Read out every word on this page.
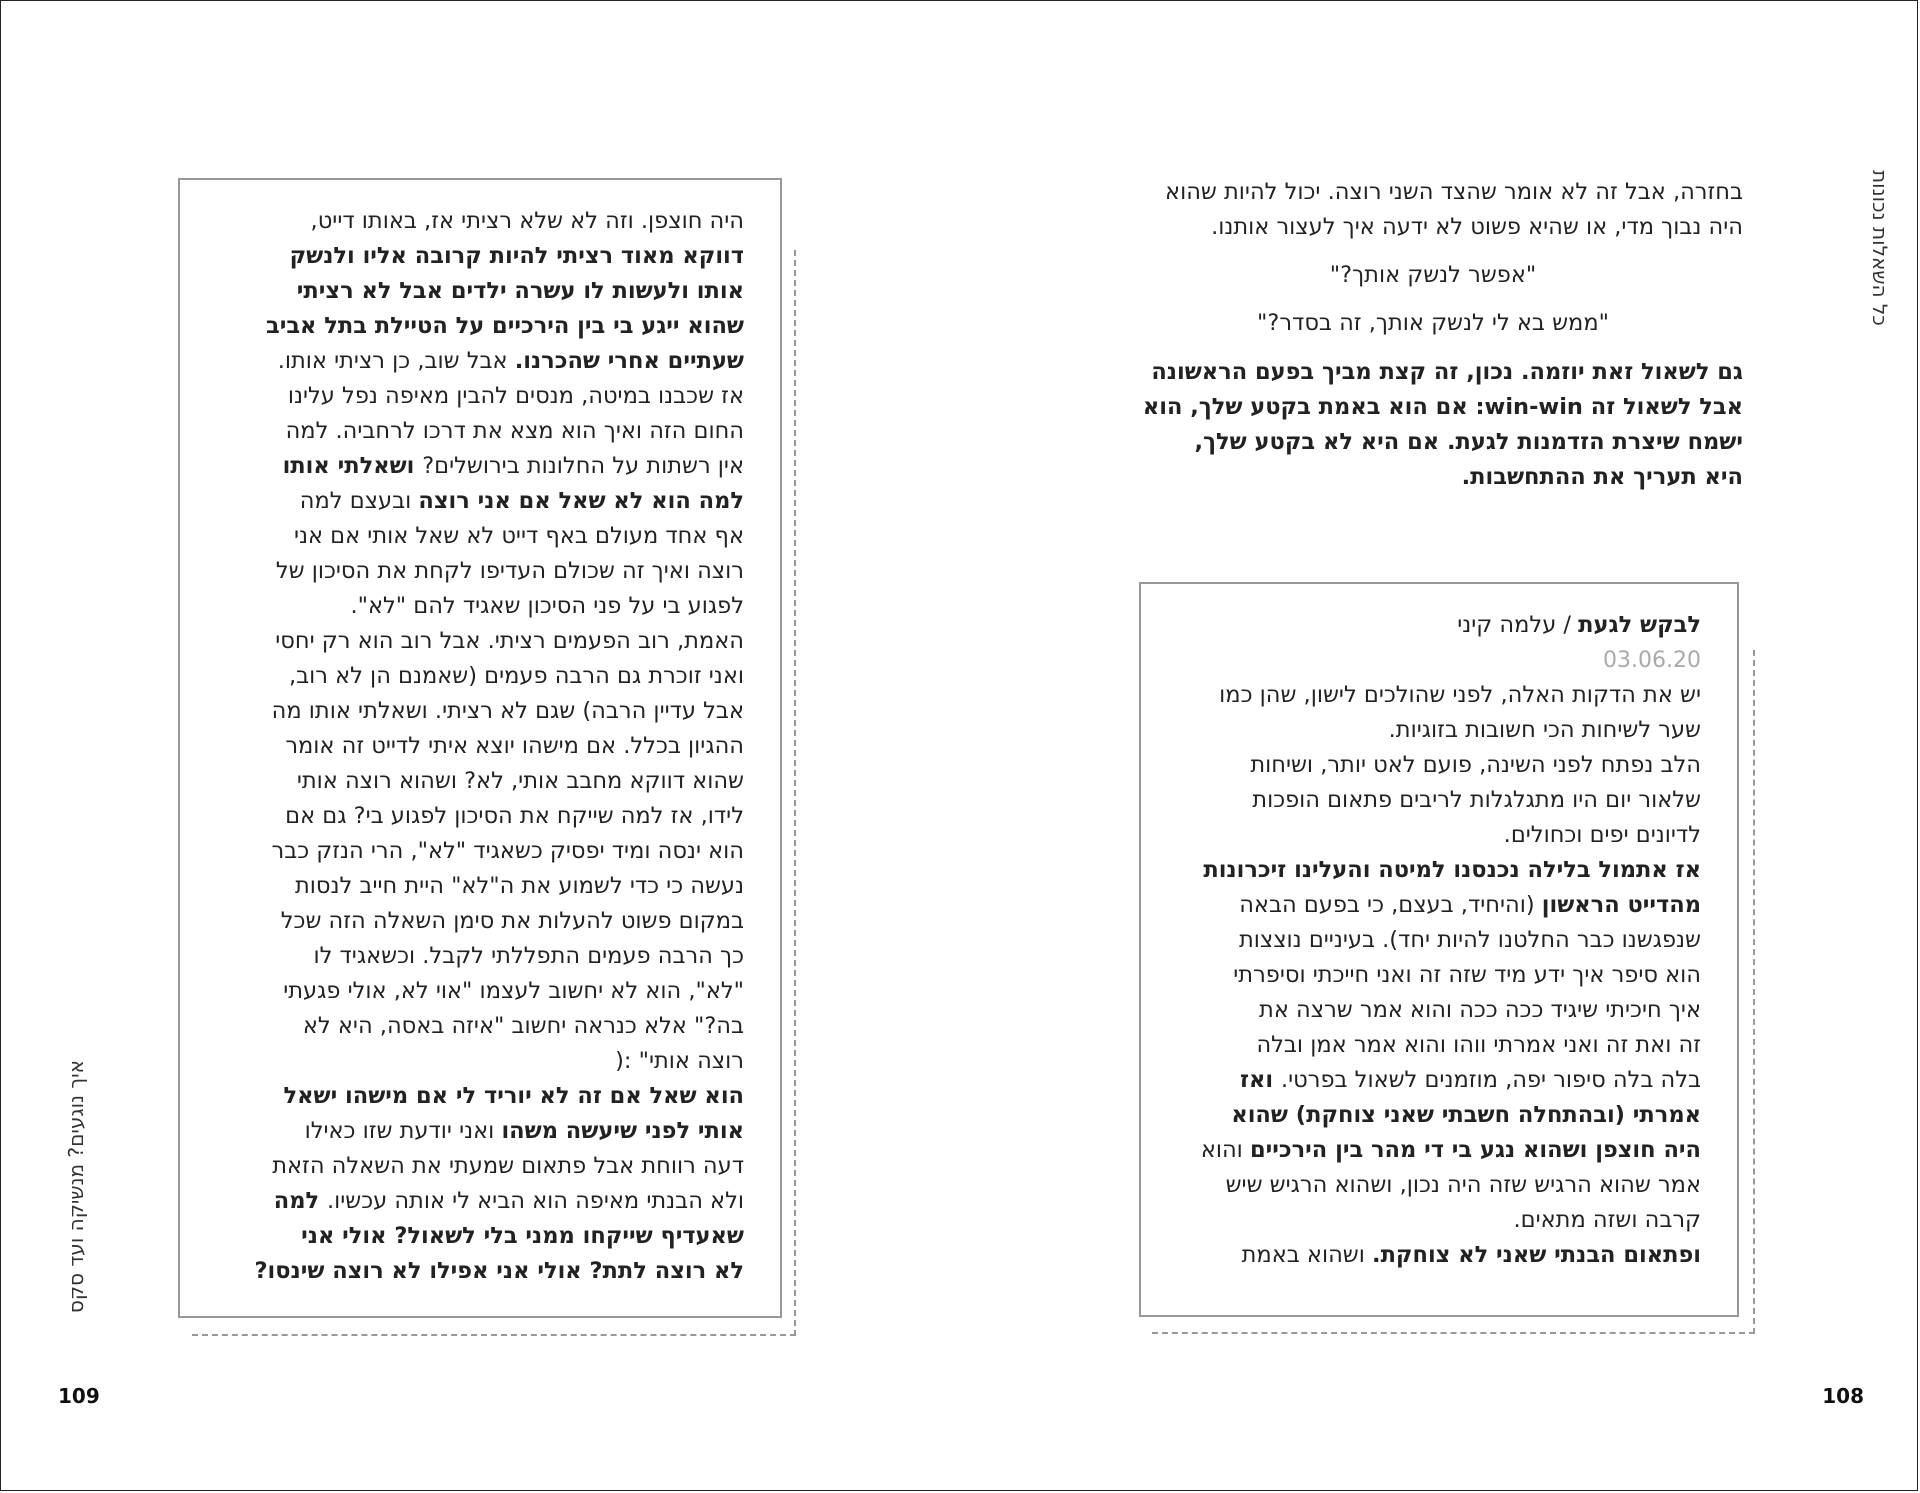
כל השאלות נכונות
איך נוגעים? מנשיקה ועד סקס
109	108

בחזרה, אבל זה לא אומר שהצד השני רוצה. יכול להיות שהוא

היה נבוך מדי, או שהיא פשוט לא ידעה איך לעצור אותנו.

"אפשר לנשק אותך?"

"ממש בא לי לנשק אותך, זה בסדר?"

גם לשאול זאת יוזמה. נכון, זה קצת מביך בפעם הראשונה

אבל לשאול זה win-win: אם הוא באמת בקטע שלך, הוא

ישמח שיצרת הזדמנות לגעת. אם היא לא בקטע שלך,

היא תעריך את ההתחשבות.

לבקש לגעת / עלמה קיני

03.06.20

יש את הדקות האלה, לפני שהולכים לישון, שהן כמו

שער לשיחות הכי חשובות בזוגיות.

הלב נפתח לפני השינה, פועם לאט יותר, ושיחות

שלאור יום היו מתגלגלות לריבים פתאום הופכות

לדיונים יפים וכחולים.

אז אתמול בלילה נכנסנו למיטה והעלינו זיכרונות

מהדייט הראשון (והיחיד, בעצם, כי בפעם הבאה

שנפגשנו כבר החלטנו להיות יחד). בעיניים נוצצות

הוא סיפר איך ידע מיד שזה זה ואני חייכתי וסיפרתי

איך חיכיתי שיגיד ככה ככה והוא אמר שרצה את

זה ואת זה ואני אמרתי ווהו והוא אמר אמן ובלה

בלה בלה סיפור יפה, מוזמנים לשאול בפרטי. ואז

אמרתי (ובהתחלה חשבתי שאני צוחקת) שהוא

היה חוצפן ושהוא נגע בי די מהר בין הירכיים והוא

אמר שהוא הרגיש שזה היה נכון, ושהוא הרגיש שיש

קרבה ושזה מתאים.

ופתאום הבנתי שאני לא צוחקת. ושהוא באמת

היה חוצפן. וזה לא שלא רציתי אז, באותו דייט,

דווקא מאוד רציתי להיות קרובה אליו ולנשק

אותו ולעשות לו עשרה ילדים אבל לא רציתי

שהוא ייגע בי בין הירכיים על הטיילת בתל אביב

שעתיים אחרי שהכרנו. אבל שוב, כן רציתי אותו.

אז שכבנו במיטה, מנסים להבין מאיפה נפל עלינו

החום הזה ואיך הוא מצא את דרכו לרחביה. למה

אין רשתות על החלונות בירושלים? ושאלתי אותו

למה הוא לא שאל אם אני רוצה ובעצם למה

אף אחד מעולם באף דייט לא שאל אותי אם אני

רוצה ואיך זה שכולם העדיפו לקחת את הסיכון של

לפגוע בי על פני הסיכון שאגיד להם "לא".

האמת, רוב הפעמים רציתי. אבל רוב הוא רק יחסי

ואני זוכרת גם הרבה פעמים (שאמנם הן לא רוב,

אבל עדיין הרבה) שגם לא רציתי. ושאלתי אותו מה

ההגיון בכלל. אם מישהו יוצא איתי לדייט זה אומר

שהוא דווקא מחבב אותי, לא? ושהוא רוצה אותי

לידו, אז למה שייקח את הסיכון לפגוע בי? גם אם

הוא ינסה ומיד יפסיק כשאגיד "לא", הרי הנזק כבר

נעשה כי כדי לשמוע את ה"לא" היית חייב לנסות

במקום פשוט להעלות את סימן השאלה הזה שכל

כך הרבה פעמים התפללתי לקבל. וכשאגיד לו

"לא", הוא לא יחשוב לעצמו "אוי לא, אולי פגעתי

בה?" אלא כנראה יחשוב "איזה באסה, היא לא

רוצה אותי" :(

הוא שאל אם זה לא יוריד לי אם מישהו ישאל

אותי לפני שיעשה משהו ואני יודעת שזו כאילו

דעה רווחת אבל פתאום שמעתי את השאלה הזאת

ולא הבנתי מאיפה הוא הביא לי אותה עכשיו. למה

שאעדיף שייקחו ממני בלי לשאול? אולי אני

לא רוצה לתת? אולי אני אפילו לא רוצה שינסו?
